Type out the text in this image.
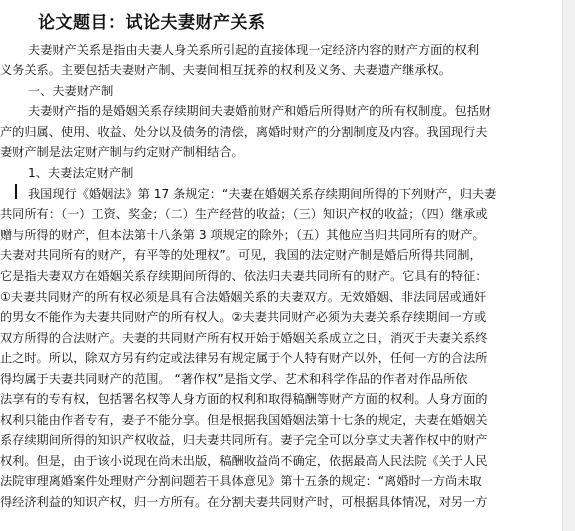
论文题目：试论夫妻财产关系
夫妻财产关系是指由夫妻人身关系所引起的直接体现一定经济内容的财产方面的权利
义务关系。主要包括夫妻财产制、夫妻间相互抚养的权利及义务、夫妻遗产继承权。
一、夫妻财产制
夫妻财产指的是婚姻关系存续期间夫妻婚前财产和婚后所得财产的所有权制度。包括财
产的归属、使用、收益、处分以及债务的清偿，离婚时财产的分割制度及内容。我国现行夫
妻财产制是法定财产制与约定财产制相结合。
1、夫妻法定财产制
我国现行《婚姻法》第 17 条规定：“夫妻在婚姻关系存续期间所得的下列财产，归夫妻
共同所有：（一）工资、奖金；（二）生产经营的收益；（三）知识产权的收益；（四）继承或
赠与所得的财产，但本法第十八条第 3 项规定的除外；（五）其他应当归共同所有的财产。
夫妻对共同所有的财产，有平等的处理权”。可见，我国的法定财产制是婚后所得共同制，
它是指夫妻双方在婚姻关系存续期间所得的、依法归夫妻共同所有的财产。它具有的特征：
①夫妻共同财产的所有权必须是具有合法婚姻关系的夫妻双方。无效婚姻、非法同居或通奸
的男女不能作为夫妻共同财产的所有权人。②夫妻共同财产必须为夫妻关系存续期间一方或
双方所得的合法财产。夫妻的共同财产所有权开始于婚姻关系成立之日，消灭于夫妻关系终
止之时。所以，除双方另有约定或法律另有规定属于个人特有财产以外，任何一方的合法所
得均属于夫妻共同财产的范围。 “著作权”是指文学、艺术和科学作品的作者对作品所依
法享有的专有权，包括署名权等人身方面的权利和取得稿酬等财产方面的权利。人身方面的
权利只能由作者专有，妻子不能分享。但是根据我国婚姻法第十七条的规定，夫妻在婚姻关
系存续期间所得的知识产权收益，归夫妻共同所有。妻子完全可以分享丈夫著作权中的财产
权利。但是，由于该小说现在尚未出版，稿酬收益尚不确定，依据最高人民法院《关于人民
法院审理离婚案件处理财产分割问题若干具体意见》第十五条的规定：“离婚时一方尚未取
得经济利益的知识产权，归一方所有。在分割夫妻共同财产时，可根据具体情况，对另一方
